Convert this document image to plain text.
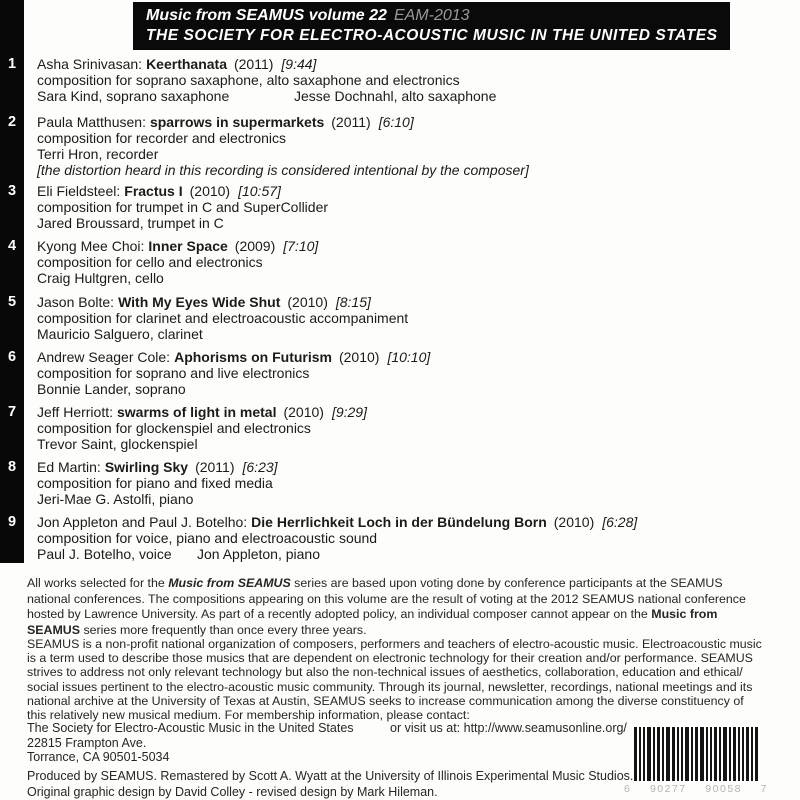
1
2
3
4
5
6
7
8
9
Music from SEAMUS volume 22 EAM-2013
THE SOCIETY FOR ELECTRO-ACOUSTIC MUSIC IN THE UNITED STATES
Asha Srinivasan: Keerthanata (2011) [9:44]
composition for soprano saxaphone, alto saxaphone and electronics
Sara Kind, soprano saxaphone	Jesse Dochnahl, alto saxaphone
Paula Matthusen: sparrows in supermarkets (2011) [6:10]
composition for recorder and electronics
Terri Hron, recorder
[the distortion heard in this recording is considered intentional by the composer]
Eli Fieldsteel: Fractus I (2010) [10:57]
composition for trumpet in C and SuperCollider
Jared Broussard, trumpet in C
Kyong Mee Choi: Inner Space (2009) [7:10]
composition for cello and electronics
Craig Hultgren, cello
Jason Bolte: With My Eyes Wide Shut (2010) [8:15]
composition for clarinet and electroacoustic accompaniment
Mauricio Salguero, clarinet
Andrew Seager Cole: Aphorisms on Futurism (2010) [10:10]
composition for soprano and live electronics
Bonnie Lander, soprano
Jeff Herriott: swarms of light in metal (2010) [9:29]
composition for glockenspiel and electronics
Trevor Saint, glockenspiel
Ed Martin: Swirling Sky (2011) [6:23]
composition for piano and fixed media
Jeri-Mae G. Astolfi, piano
Jon Appleton and Paul J. Botelho: Die Herrlichkeit Loch in der Bündelung Born (2010) [6:28]
composition for voice, piano and electroacoustic sound
Paul J. Botelho, voice Jon Appleton, piano
All works selected for the Music from SEAMUS series are based upon voting done by conference participants at the SEAMUS
national conferences. The compositions appearing on this volume are the result of voting at the 2012 SEAMUS national conference
hosted by Lawrence University. As part of a recently adopted policy, an individual composer cannot appear on the Music from
SEAMUS series more frequently than once every three years.
SEAMUS is a non-profit national organization of composers, performers and teachers of electro-acoustic music. Electroacoustic music
is a term used to describe those musics that are dependent on electronic technology for their creation and/or performance. SEAMUS
strives to address not only relevant technology but also the non-technical issues of aesthetics, collaboration, education and ethical/
social issues pertinent to the electro-acoustic music community. Through its journal, newsletter, recordings, national meetings and its
national archive at the University of Texas at Austin, SEAMUS seeks to increase communication among the diverse constituency of
this relatively new musical medium. For membership information, please contact:
The Society for Electro-Acoustic Music in the United States	or visit us at: http://www.seamusonline.org/
22815 Frampton Ave.
Torrance, CA 90501-5034
Produced by SEAMUS. Remastered by Scott A. Wyatt at the University of Illinois Experimental Music Studios.
Original graphic design by David Colley - revised design by Mark Hileman.	6 90277 90058 7
